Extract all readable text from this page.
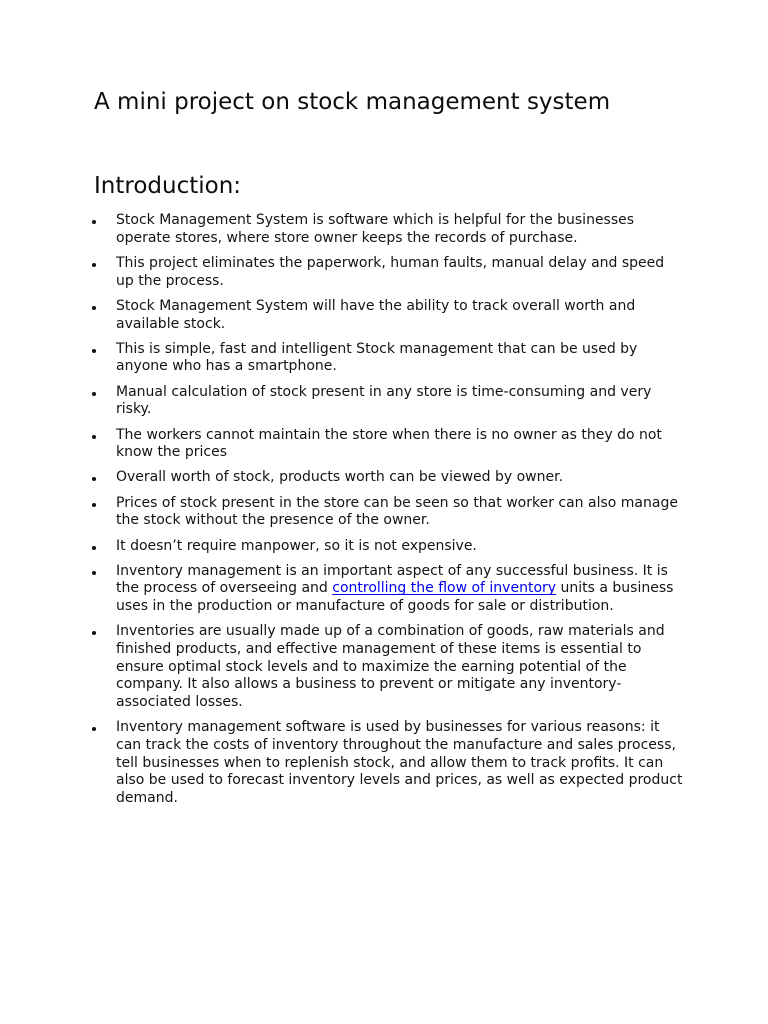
A mini project on stock management system
Introduction:
Stock Management System is software which is helpful for the businesses operate stores, where store owner keeps the records of purchase.
This project eliminates the paperwork, human faults, manual delay and speed up the process.
Stock Management System will have the ability to track overall worth and available stock.
This is simple, fast and intelligent Stock management that can be used by anyone who has a smartphone.
Manual calculation of stock present in any store is time-consuming and very risky.
The workers cannot maintain the store when there is no owner as they do not know the prices
Overall worth of stock, products worth can be viewed by owner.
Prices of stock present in the store can be seen so that worker can also manage the stock without the presence of the owner.
It doesn’t require manpower, so it is not expensive.
Inventory management is an important aspect of any successful business. It is the process of overseeing and controlling the flow of inventory units a business uses in the production or manufacture of goods for sale or distribution.
Inventories are usually made up of a combination of goods, raw materials and finished products, and effective management of these items is essential to ensure optimal stock levels and to maximize the earning potential of the company. It also allows a business to prevent or mitigate any inventory-associated losses.
Inventory management software is used by businesses for various reasons: it can track the costs of inventory throughout the manufacture and sales process, tell businesses when to replenish stock, and allow them to track profits. It can also be used to forecast inventory levels and prices, as well as expected product demand.
